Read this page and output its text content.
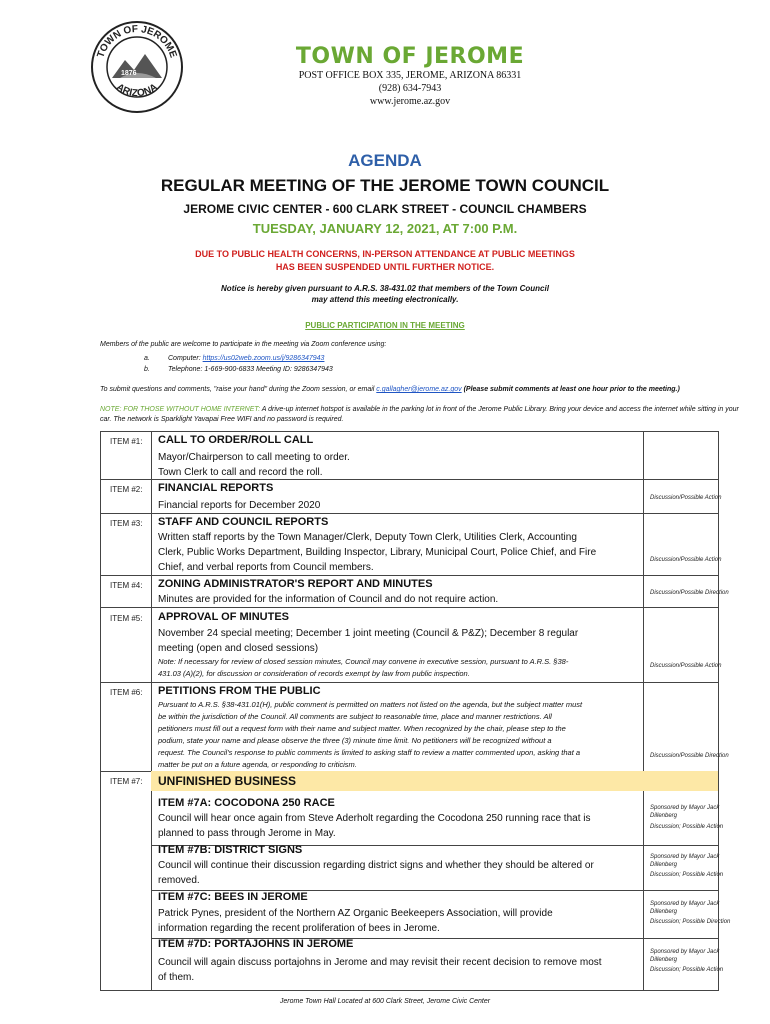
TOWN OF JEROME
ARIZONA
1876
TOWN OF JEROME
POST OFFICE BOX 335, JEROME, ARIZONA 86331
(928) 634-7943
www.jerome.az.gov
AGENDA
REGULAR MEETING OF THE JEROME TOWN COUNCIL
JEROME CIVIC CENTER - 600 CLARK STREET - COUNCIL CHAMBERS
TUESDAY, JANUARY 12, 2021, AT 7:00 P.M.
DUE TO PUBLIC HEALTH CONCERNS, IN-PERSON ATTENDANCE AT PUBLIC MEETINGS
HAS BEEN SUSPENDED UNTIL FURTHER NOTICE.
Notice is hereby given pursuant to A.R.S. 38-431.02 that members of the Town Council
may attend this meeting electronically.
PUBLIC PARTICIPATION IN THE MEETING
Members of the public are welcome to participate in the meeting via Zoom conference using:
a.	Computer: https://us02web.zoom.us/j/9286347943
b.	Telephone: 1-669-900-6833 Meeting ID: 9286347943
To submit questions and comments, "raise your hand" during the Zoom session, or email c.gallagher@jerome.az.gov (Please submit comments at least one hour prior to the meeting.)
NOTE: FOR THOSE WITHOUT HOME INTERNET: A drive-up internet hotspot is available in the parking lot in front of the Jerome Public Library. Bring your device and access the internet while sitting in your car. The network is Sparklight Yavapai Free WIFI and no password is required.
ITEM #1: CALL TO ORDER/ROLL CALL
Mayor/Chairperson to call meeting to order.
Town Clerk to call and record the roll.
ITEM #2: FINANCIAL REPORTS
Financial reports for December 2020
Discussion/Possible Action
ITEM #3: STAFF AND COUNCIL REPORTS
Written staff reports by the Town Manager/Clerk, Deputy Town Clerk, Utilities Clerk, Accounting
Clerk, Public Works Department, Building Inspector, Library, Municipal Court, Police Chief, and Fire
Chief, and verbal reports from Council members.
Discussion/Possible Action
ITEM #4: ZONING ADMINISTRATOR'S REPORT AND MINUTES
Minutes are provided for the information of Council and do not require action.
Discussion/Possible Direction
ITEM #5: APPROVAL OF MINUTES
November 24 special meeting; December 1 joint meeting (Council & P&Z); December 8 regular
meeting (open and closed sessions)
Note: If necessary for review of closed session minutes, Council may convene in executive session, pursuant to A.R.S. §38-
431.03 (A)(2), for discussion or consideration of records exempt by law from public inspection.
Discussion/Possible Action
ITEM #6: PETITIONS FROM THE PUBLIC
Pursuant to A.R.S. §38-431.01(H), public comment is permitted on matters not listed on the agenda, but the subject matter must
be within the jurisdiction of the Council. All comments are subject to reasonable time, place and manner restrictions. All
petitioners must fill out a request form with their name and subject matter. When recognized by the chair, please step to the
podium, state your name and please observe the three (3) minute time limit. No petitioners will be recognized without a
request. The Council's response to public comments is limited to asking staff to review a matter commented upon, asking that a
matter be put on a future agenda, or responding to criticism.
Discussion/Possible Direction
ITEM #7: UNFINISHED BUSINESS
ITEM #7A: COCODONA 250 RACE
Council will hear once again from Steve Aderholt regarding the Cocodona 250 running race that is
planned to pass through Jerome in May.
Sponsored by Mayor Jack Dillenberg
Discussion; Possible Action
ITEM #7B: DISTRICT SIGNS
Council will continue their discussion regarding district signs and whether they should be altered or
removed.
Sponsored by Mayor Jack Dillenberg
Discussion; Possible Action
ITEM #7C: BEES IN JEROME
Patrick Pynes, president of the Northern AZ Organic Beekeepers Association, will provide
information regarding the recent proliferation of bees in Jerome.
Sponsored by Mayor Jack Dillenberg
Discussion; Possible Direction
ITEM #7D: PORTAJOHNS IN JEROME
Council will again discuss portajohns in Jerome and may revisit their recent decision to remove most
of them.
Sponsored by Mayor Jack Dillenberg
Discussion; Possible Action
Jerome Town Hall Located at 600 Clark Street, Jerome Civic Center
